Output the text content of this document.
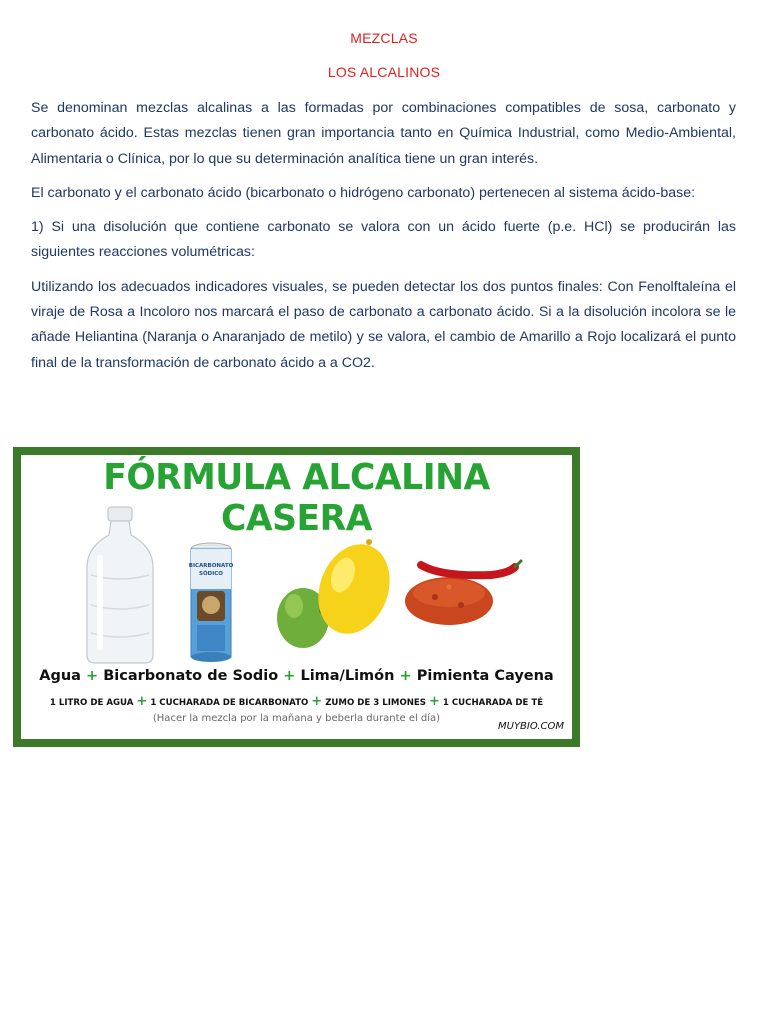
MEZCLAS
LOS ALCALINOS

Se denominan mezclas alcalinas a las formadas por combinaciones compatibles de sosa, carbonato y carbonato ácido. Estas mezclas tienen gran importancia tanto en Química Industrial, como Medio-Ambiental, Alimentaria o Clínica, por lo que su determinación analítica tiene un gran interés.

El carbonato y el carbonato ácido (bicarbonato o hidrógeno carbonato) pertenecen al sistema ácido-base:

1) Si una disolución que contiene carbonato se valora con un ácido fuerte (p.e. HCl) se producirán las siguientes reacciones volumétricas:

Utilizando los adecuados indicadores visuales, se pueden detectar los dos puntos finales: Con Fenolftaleína el viraje de Rosa a Incoloro nos marcará el paso de carbonato a carbonato ácido. Si a la disolución incolora se le añade Heliantina (Naranja o Anaranjado de metilo) y se valora, el cambio de Amarillo a Rojo localizará el punto final de la transformación de carbonato ácido a a CO2.

FÓRMULA ALCALINA CASERA
BICARBONATO
SÓDICO
Agua + Bicarbonato de Sodio + Lima/Limón + Pimienta Cayena
1 LITRO DE AGUA + 1 CUCHARADA DE BICARBONATO + ZUMO DE 3 LIMONES + 1 CUCHARADA DE TÉ
(Hacer la mezcla por la mañana y beberla durante el día)
MUYBIO.COM
